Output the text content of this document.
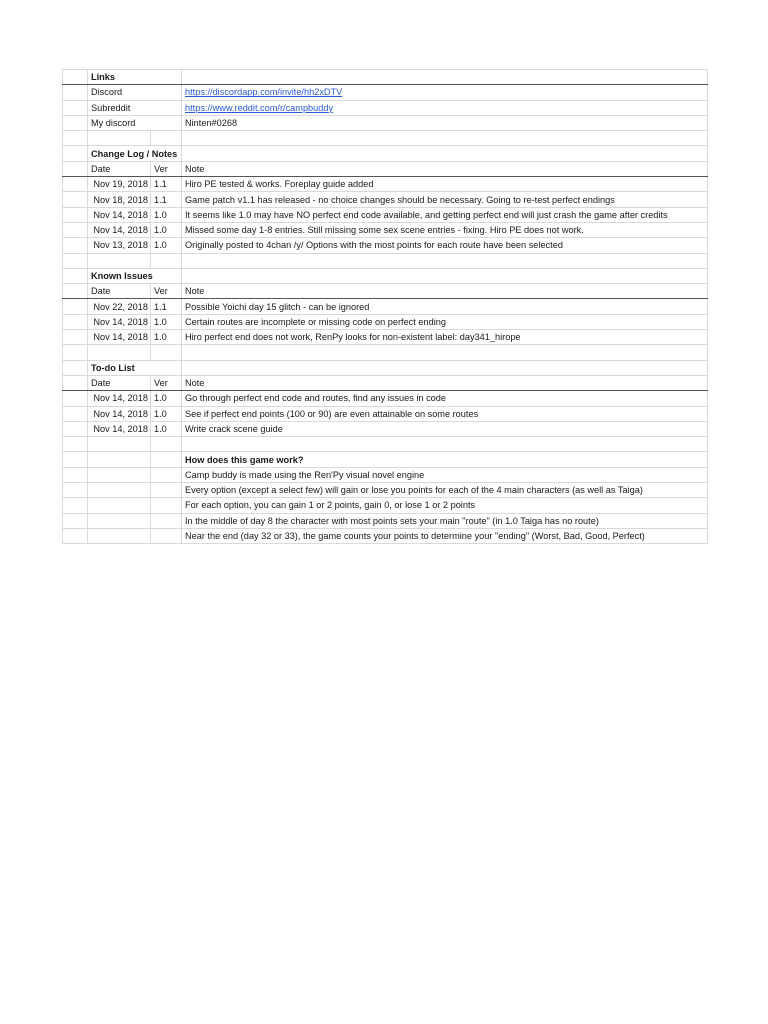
	Links		
	Discord		https://discordapp.com/invite/hh2xDTV
	Subreddit		https://www.reddit.com/r/campbuddy
	My discord		Ninten#0268

	Change Log / Notes		
	Date	Ver	Note
	Nov 19, 2018	1.1	Hiro PE tested & works. Foreplay guide added
	Nov 18, 2018	1.1	Game patch v1.1 has released - no choice changes should be necessary. Going to re-test perfect endings
	Nov 14, 2018	1.0	It seems like 1.0 may have NO perfect end code available, and getting perfect end will just crash the game after credits
	Nov 14, 2018	1.0	Missed some day 1-8 entries. Still missing some sex scene entries - fixing. Hiro PE does not work.
	Nov 13, 2018	1.0	Originally posted to 4chan /y/ Options with the most points for each route have been selected

	Known Issues		
	Date	Ver	Note
	Nov 22, 2018	1.1	Possible Yoichi day 15 glitch - can be ignored
	Nov 14, 2018	1.0	Certain routes are incomplete or missing code on perfect ending
	Nov 14, 2018	1.0	Hiro perfect end does not work, RenPy looks for non-existent label: day341_hirope

	To-do List		
	Date	Ver	Note
	Nov 14, 2018	1.0	Go through perfect end code and routes, find any issues in code
	Nov 14, 2018	1.0	See if perfect end points (100 or 90) are even attainable on some routes
	Nov 14, 2018	1.0	Write crack scene guide

			How does this game work?
			Camp buddy is made using the Ren'Py visual novel engine
			Every option (except a select few) will gain or lose you points for each of the 4 main characters (as well as Taiga)
			For each option, you can gain 1 or 2 points, gain 0, or lose 1 or 2 points
			In the middle of day 8 the character with most points sets your main "route" (in 1.0 Taiga has no route)
			Near the end (day 32 or 33), the game counts your points to determine your "ending" (Worst, Bad, Good, Perfect)
